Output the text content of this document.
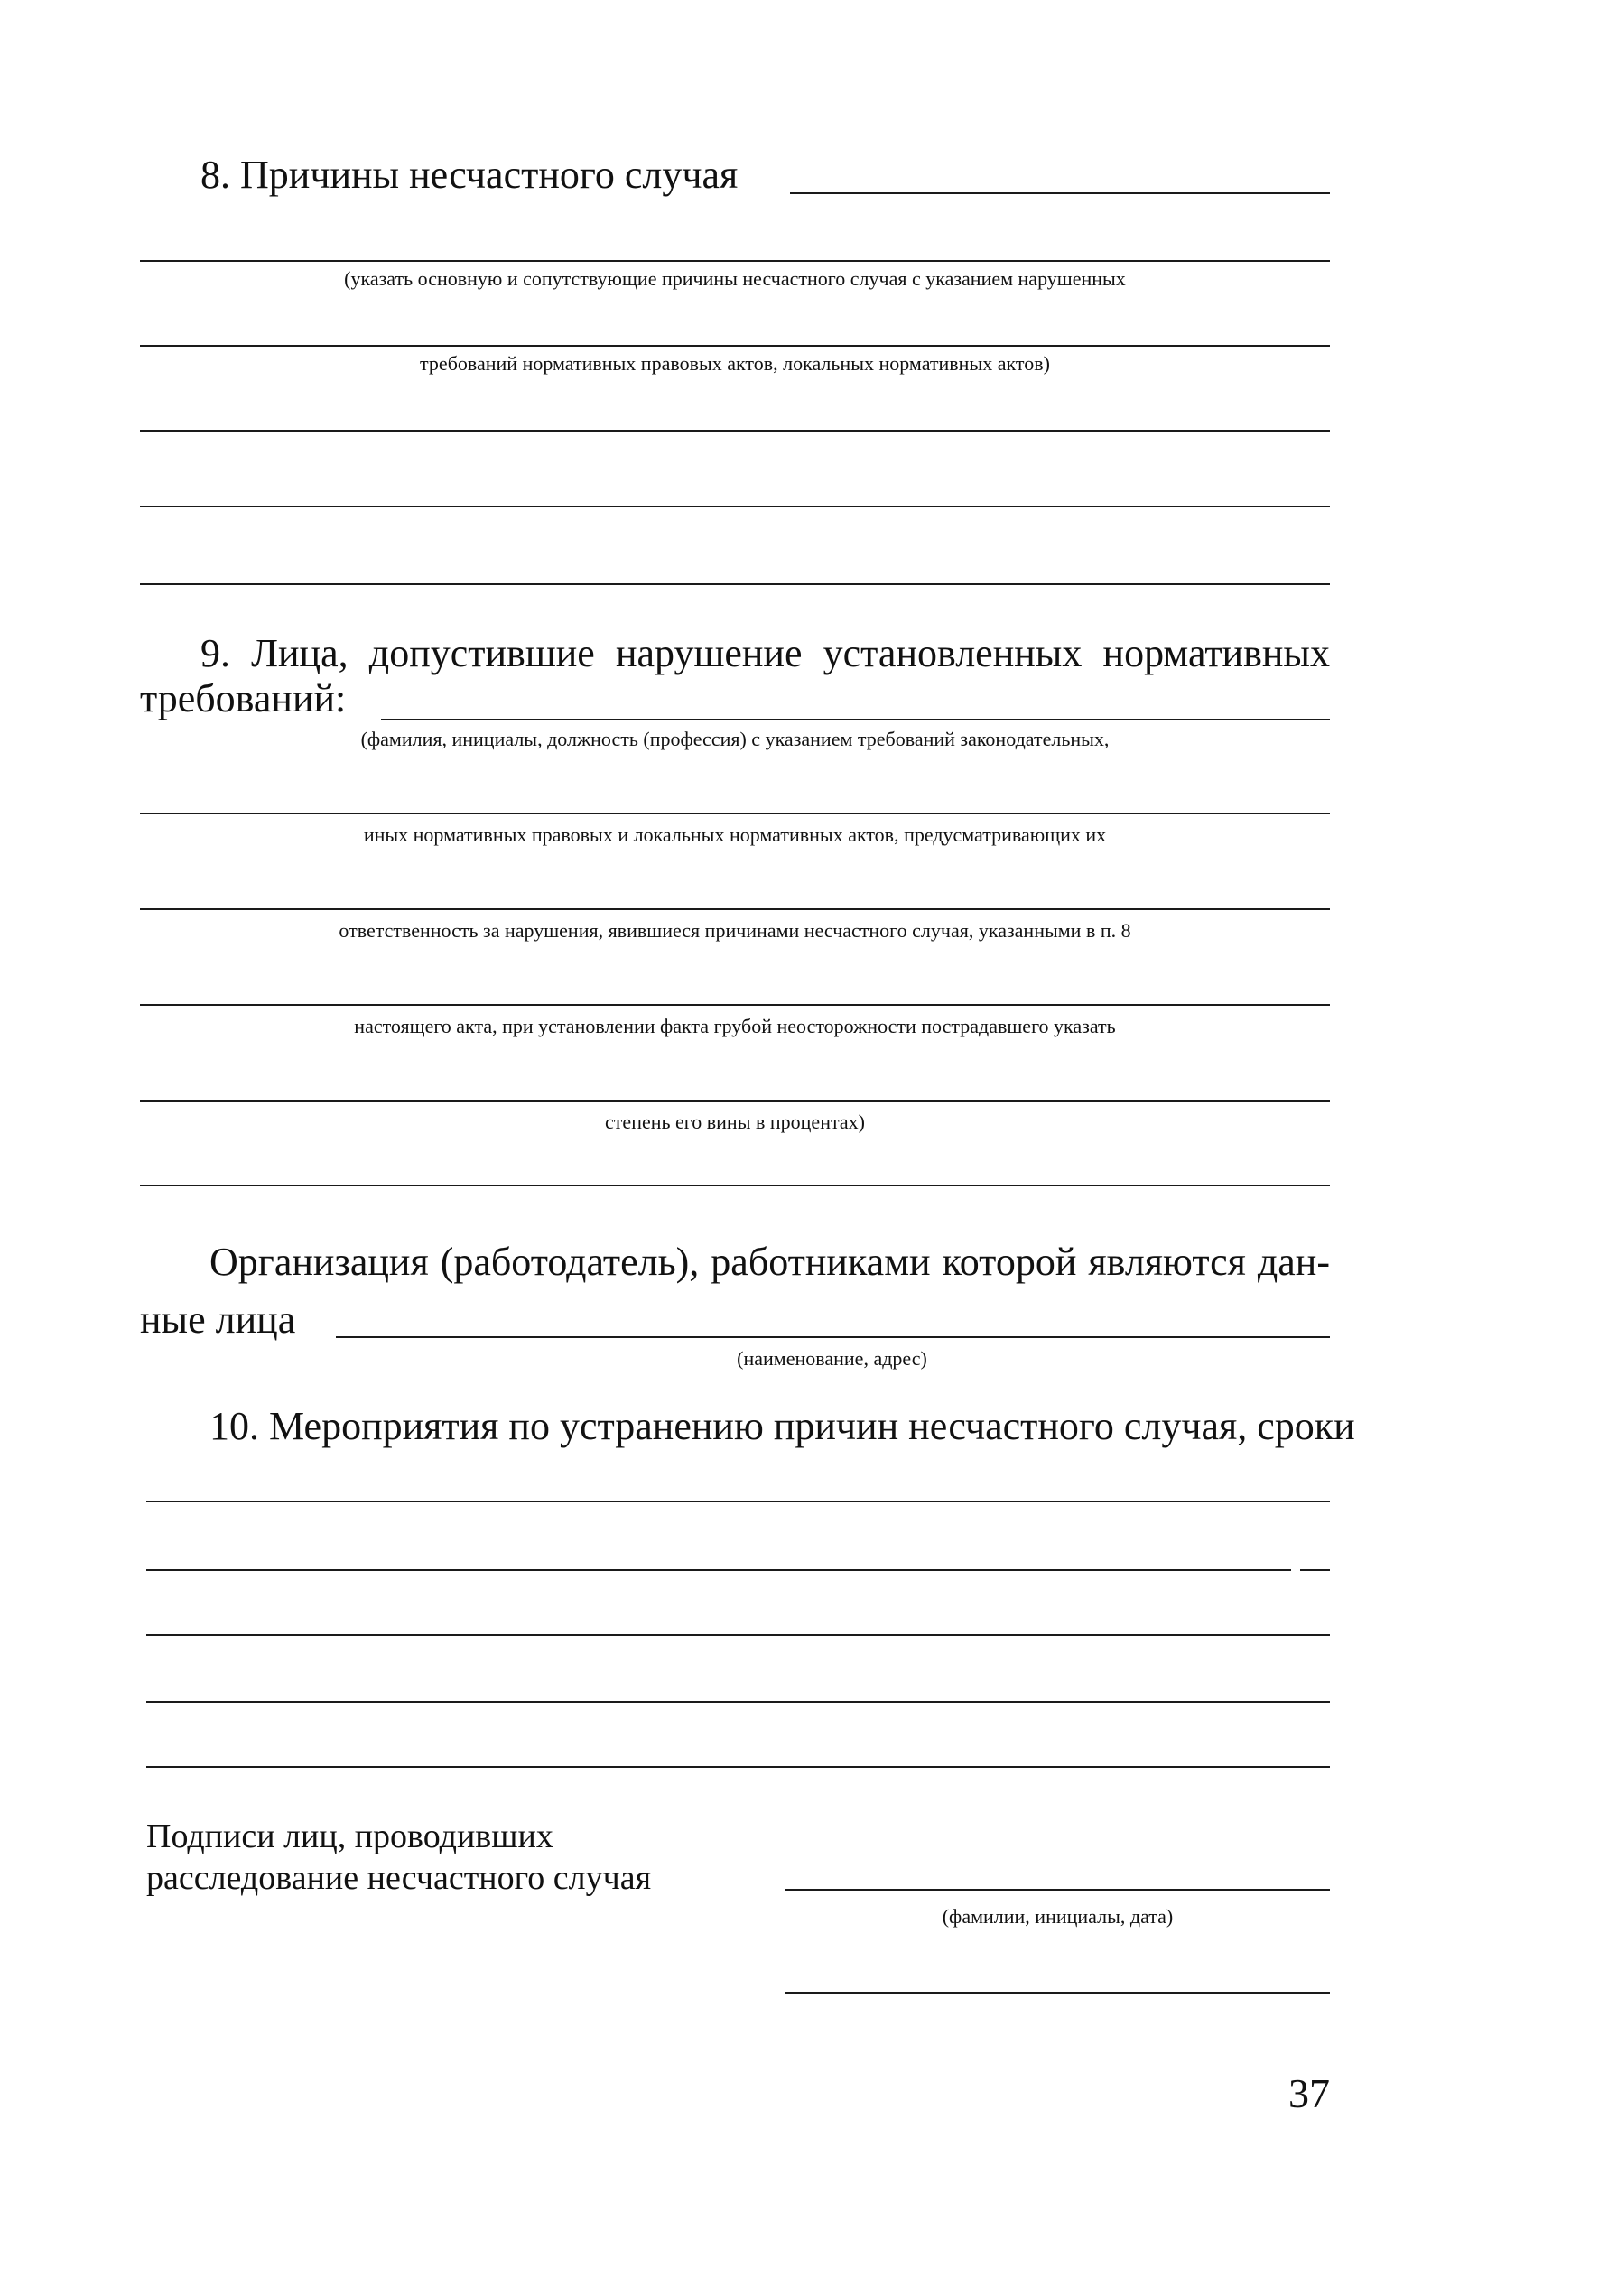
8. Причины несчастного случая
(указать основную и сопутствующие причины несчастного случая с указанием нарушенных
требований нормативных правовых актов, локальных нормативных актов)
9. Лица, допустившие нарушение установленных нормативных
требований:
(фамилия, инициалы, должность (профессия) с указанием требований законодательных,
иных нормативных правовых и локальных нормативных актов, предусматривающих их
ответственность за нарушения, явившиеся причинами несчастного случая, указанными в п. 8
настоящего акта, при установлении факта грубой неосторожности пострадавшего указать
степень его вины в процентах)
Организация (работодатель), работниками которой являются дан-
ные лица
(наименование, адрес)
10. Мероприятия по устранению причин несчастного случая, сроки
Подписи лиц, проводивших
расследование несчастного случая
(фамилии, инициалы, дата)
37
